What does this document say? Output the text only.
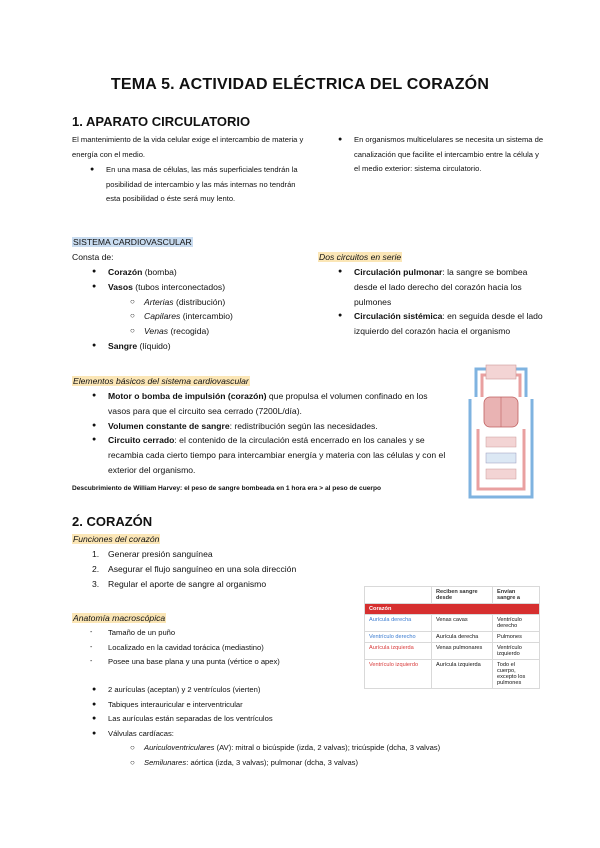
TEMA 5. ACTIVIDAD ELÉCTRICA DEL CORAZÓN
1. APARATO CIRCULATORIO
El mantenimiento de la vida celular exige el intercambio de materia y energía con el medio.
● En una masa de células, las más superficiales tendrán la posibilidad de intercambio y las más internas no tendrán esta posibilidad o éste será muy lento.
● En organismos multicelulares se necesita un sistema de canalización que facilite el intercambio entre la célula y el medio exterior: sistema circulatorio.
SISTEMA CARDIOVASCULAR
Consta de:
● Corazón (bomba)
● Vasos (tubos interconectados)
○ Arterias (distribución)
○ Capilares (intercambio)
○ Venas (recogida)
● Sangre (líquido)
Dos circuitos en serie
● Circulación pulmonar: la sangre se bombea desde el lado derecho del corazón hacia los pulmones
● Circulación sistémica: en seguida desde el lado izquierdo del corazón hacia el organismo
Elementos básicos del sistema cardiovascular
● Motor o bomba de impulsión (corazón) que propulsa el volumen confinado en los vasos para que el circuito sea cerrado (7200L/día).
● Volumen constante de sangre: redistribución según las necesidades.
● Circuito cerrado: el contenido de la circulación está encerrado en los canales y se recambia cada cierto tiempo para intercambiar energía y materia con las células y con el exterior del organismo.
Descubrimiento de William Harvey: el peso de sangre bombeada en 1 hora era > al peso de cuerpo
2. CORAZÓN
Funciones del corazón
1. Generar presión sanguínea
2. Asegurar el flujo sanguíneo en una sola dirección
3. Regular el aporte de sangre al organismo
Anatomía macroscópica
- Tamaño de un puño
- Localizado en la cavidad torácica (mediastino)
- Posee una base plana y una punta (vértice o apex)
● 2 aurículas (aceptan) y 2 ventrículos (vierten)
● Tabiques interauricular e interventricular
● Las aurículas están separadas de los ventrículos
● Válvulas cardíacas:
○ Auriculoventriculares (AV): mitral o bicúspide (izda, 2 valvas); tricúspide (dcha, 3 valvas)
○ Semilunares: aórtica (izda, 3 valvas); pulmonar (dcha, 3 valvas)
	Reciben sangre desde	Envían sangre a
Corazón		
Aurícula derecha	Venas cavas	Ventrículo derecho
Ventrículo derecho	Aurícula derecha	Pulmones
Aurícula izquierda	Venas pulmonares	Ventrículo izquierdo
Ventrículo izquierdo	Aurícula izquierda	Todo el cuerpo, excepto los pulmones
